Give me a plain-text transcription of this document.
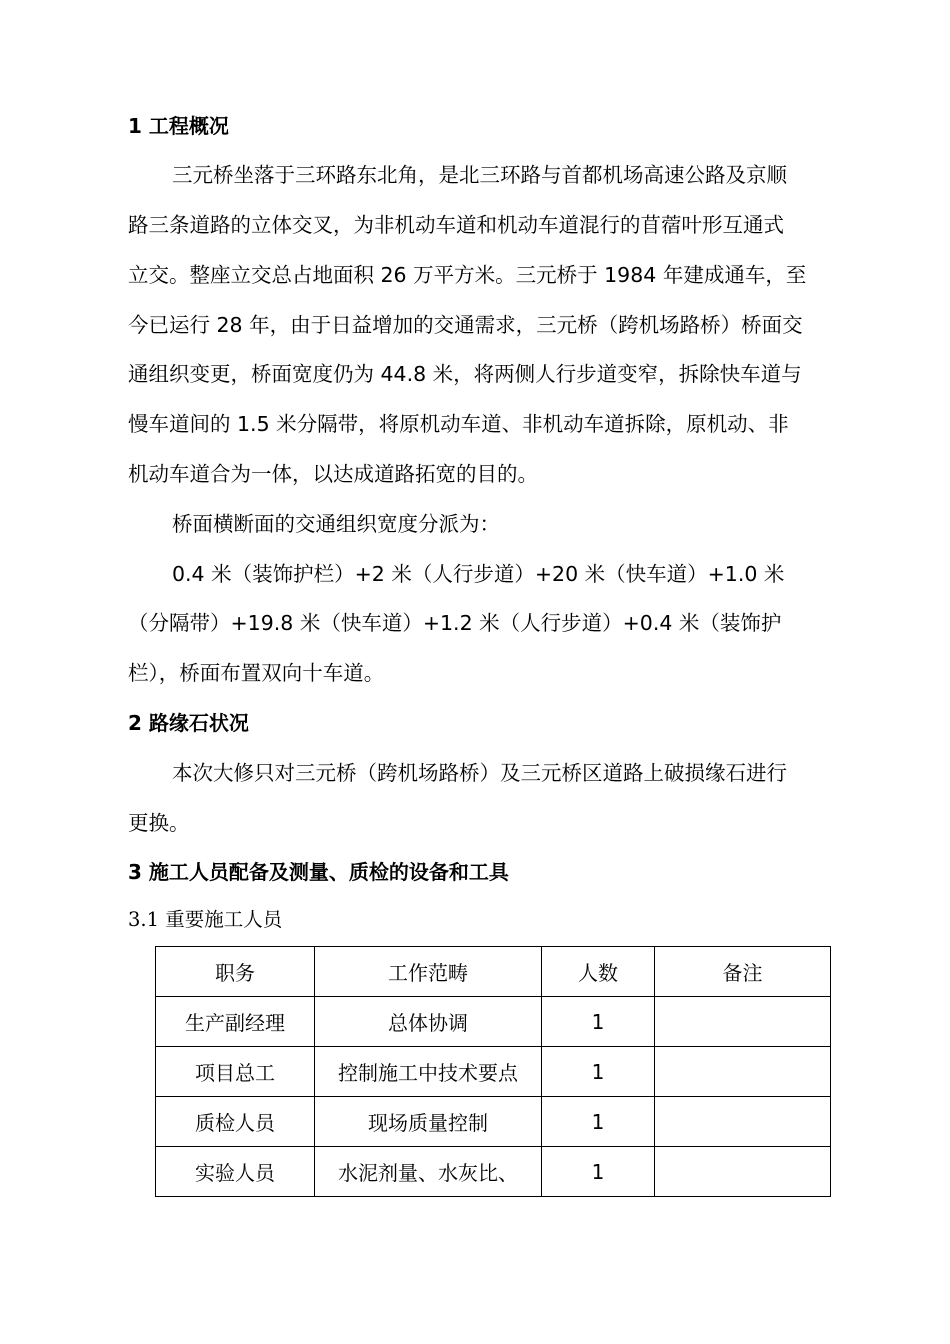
1 工程概况
三元桥坐落于三环路东北角，是北三环路与首都机场高速公路及京顺
路三条道路的立体交叉，为非机动车道和机动车道混行的苜蓿叶形互通式
立交。整座立交总占地面积 26 万平方米。三元桥于 1984 年建成通车，至
今已运行 28 年，由于日益增加的交通需求，三元桥（跨机场路桥）桥面交
通组织变更，桥面宽度仍为 44.8 米，将两侧人行步道变窄，拆除快车道与
慢车道间的 1.5 米分隔带，将原机动车道、非机动车道拆除，原机动、非
机动车道合为一体，以达成道路拓宽的目的。
桥面横断面的交通组织宽度分派为：
0.4 米（装饰护栏）+2 米（人行步道）+20 米（快车道）+1.0 米
（分隔带）+19.8 米（快车道）+1.2 米（人行步道）+0.4 米（装饰护
栏），桥面布置双向十车道。
2 路缘石状况
本次大修只对三元桥（跨机场路桥）及三元桥区道路上破损缘石进行
更换。
3 施工人员配备及测量、质检的设备和工具
3.1 重要施工人员
职务	工作范畴	人数	备注
生产副经理	总体协调	1	
项目总工	控制施工中技术要点	1	
质检人员	现场质量控制	1	
实验人员	水泥剂量、水灰比、	1	
